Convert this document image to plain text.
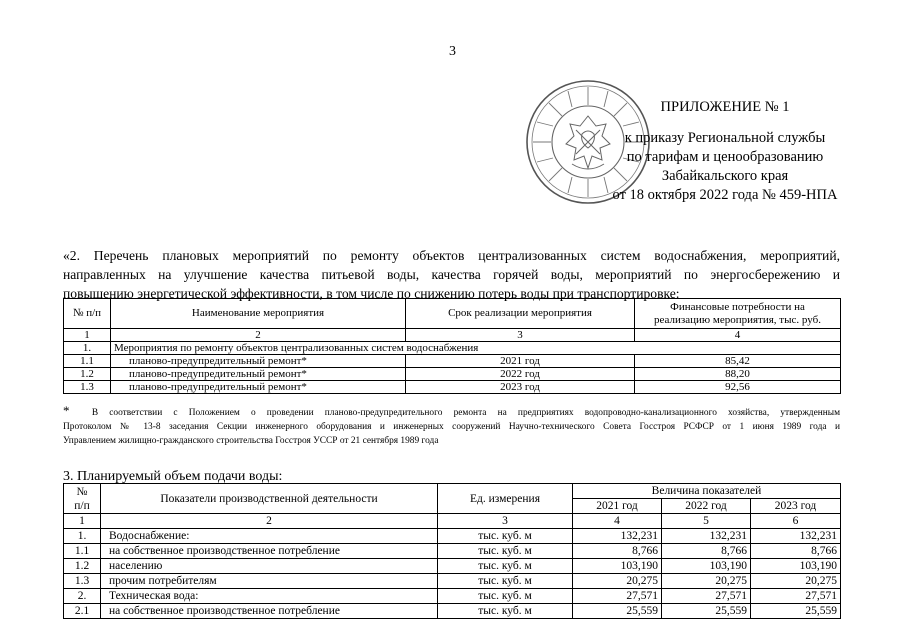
3
ПРИЛОЖЕНИЕ № 1
к приказу Региональной службы
по тарифам и ценообразованию
Забайкальского края
от 18 октября 2022 года № 459-НПА
«2. Перечень плановых мероприятий по ремонту объектов централизованных систем водоснабжения, мероприятий,
направленных на улучшение качества питьевой воды, качества горячей воды, мероприятий по энергосбережению и
повышению энергетической эффективности, в том числе по снижению потерь воды при транспортировке:
№ п/п	Наименование мероприятия	Срок реализации мероприятия	Финансовые потребности на
реализацию мероприятия, тыс. руб.

1	2	3	4
1.	Мероприятия по ремонту объектов централизованных систем водоснабжения		
1.1	планово-предупредительный ремонт*	2021 год	85,42
1.2	планово-предупредительный ремонт*	2022 год	88,20
1.3	планово-предупредительный ремонт*	2023 год	92,56
* В соответствии с Положением о проведении планово-предупредительного ремонта на предприятиях водопроводно-канализационного хозяйства, утвержденным
Протоколом № 13-8 заседания Секции инженерного оборудования и инженерных сооружений Научно-технического Совета Госстроя РСФСР от 1 июня 1989 года и
Управлением жилищно-гражданского строительства Госстроя УССР от 21 сентября 1989 года
3. Планируемый объем подачи воды:
№
п/п	Показатели производственной деятельности	Ед. измерения	Величина показателей		
			2021 год	2022 год	2023 год
1	2	3	4	5	6
1.	Водоснабжение:	тыс. куб. м	132,231	132,231	132,231
1.1	на собственное производственное потребление	тыс. куб. м	8,766	8,766	8,766
1.2	населению	тыс. куб. м	103,190	103,190	103,190
1.3	прочим потребителям	тыс. куб. м	20,275	20,275	20,275
2.	Техническая вода:	тыс. куб. м	27,571	27,571	27,571
2.1	на собственное производственное потребление	тыс. куб. м	25,559	25,559	25,559
